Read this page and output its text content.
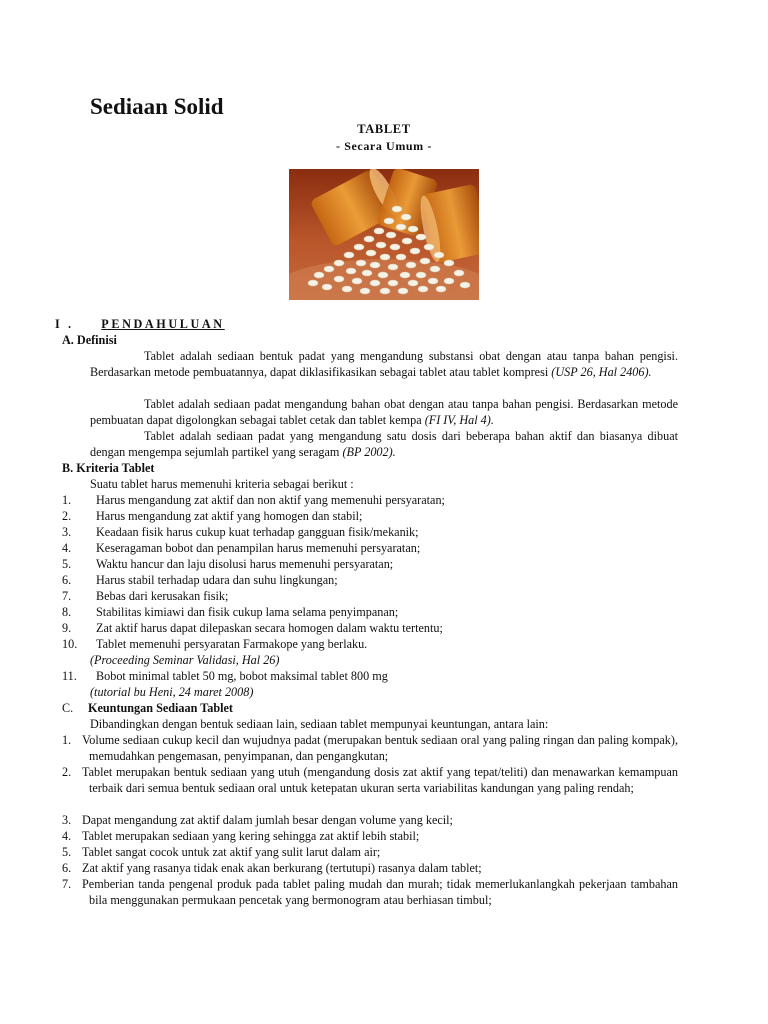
Sediaan Solid
TABLET
- Secara Umum -
I . PENDAHULUAN
A. Definisi

Tablet adalah sediaan bentuk padat yang mengandung substansi obat dengan atau tanpa bahan pengisi. Berdasarkan metode pembuatannya, dapat diklasifikasikan sebagai tablet atau tablet kompresi (USP 26, Hal 2406).

Tablet adalah sediaan padat mengandung bahan obat dengan atau tanpa bahan pengisi. Berdasarkan metode pembuatan dapat digolongkan sebagai tablet cetak dan tablet kempa (FI IV, Hal 4).

Tablet adalah sediaan padat yang mengandung satu dosis dari beberapa bahan aktif dan biasanya dibuat dengan mengempa sejumlah partikel yang seragam (BP 2002).

B. Kriteria Tablet
Suatu tablet harus memenuhi kriteria sebagai berikut :
1. Harus mengandung zat aktif dan non aktif yang memenuhi persyaratan;
2. Harus mengandung zat aktif yang homogen dan stabil;
3. Keadaan fisik harus cukup kuat terhadap gangguan fisik/mekanik;
4. Keseragaman bobot dan penampilan harus memenuhi persyaratan;
5. Waktu hancur dan laju disolusi harus memenuhi persyaratan;
6. Harus stabil terhadap udara dan suhu lingkungan;
7. Bebas dari kerusakan fisik;
8. Stabilitas kimiawi dan fisik cukup lama selama penyimpanan;
9. Zat aktif harus dapat dilepaskan secara homogen dalam waktu tertentu;
10. Tablet memenuhi persyaratan Farmakope yang berlaku.
(Proceeding Seminar Validasi, Hal 26)
11. Bobot minimal tablet 50 mg, bobot maksimal tablet 800 mg
(tutorial bu Heni, 24 maret 2008)
C. Keuntungan Sediaan Tablet
Dibandingkan dengan bentuk sediaan lain, sediaan tablet mempunyai keuntungan, antara lain:

1. Volume sediaan cukup kecil dan wujudnya padat (merupakan bentuk sediaan oral yang paling ringan dan paling kompak), memudahkan pengemasan, penyimpanan, dan pengangkutan;

2. Tablet merupakan bentuk sediaan yang utuh (mengandung dosis zat aktif yang tepat/teliti) dan menawarkan kemampuan terbaik dari semua bentuk sediaan oral untuk ketepatan ukuran serta variabilitas kandungan yang paling rendah;

3. Dapat mengandung zat aktif dalam jumlah besar dengan volume yang kecil;

4. Tablet merupakan sediaan yang kering sehingga zat aktif lebih stabil;

5. Tablet sangat cocok untuk zat aktif yang sulit larut dalam air;

6. Zat aktif yang rasanya tidak enak akan berkurang (tertutupi) rasanya dalam tablet;

7. Pemberian tanda pengenal produk pada tablet paling mudah dan murah; tidak memerlukanlangkah pekerjaan tambahan bila menggunakan permukaan pencetak yang bermonogram atau berhiasan timbul;
